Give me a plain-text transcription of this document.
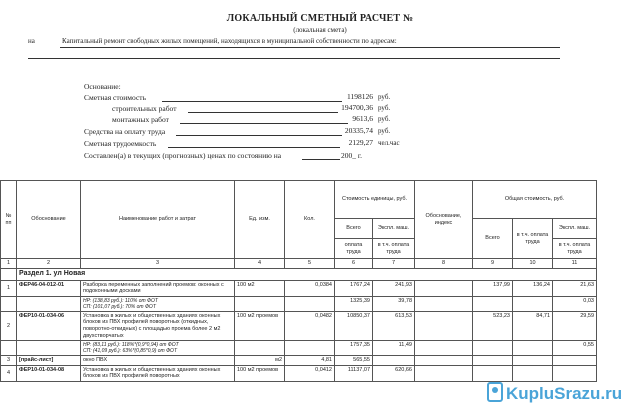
ЛОКАЛЬНЫЙ СМЕТНЫЙ РАСЧЕТ №
(локальная смета)
на	Капитальный ремонт свободных жилых помещений, находящихся в муниципальной собственности по адресам:
Основание:
Сметная стоимость	1198126 руб.
строительных работ	194700,36 руб.
монтажных работ	9613,6 руб.
Средства на оплату труда	20335,74 руб.
Сметная трудоемкость	2129,27 чел.час
Составлен(а) в текущих (прогнозных) ценах по состоянию на	200_ г.
№ пп	Обоснование	Наименование работ и затрат	Ед. изм.	Кол.	Стоимость единицы, руб.		Обоснование, индекс	Общая стоимость, руб.		
					Всего	Экспл. маш.		Всего	в т.ч. оплата труда	Экспл. маш.
					оплата труда	в т.ч. оплата труда				в т.ч. оплата труда
1	2	3	4	5	6	7	8	9	10	11
	Раздел 1. ул Новая									
1	ФЕР46-04-012-01	Разборка переменных заполнений проемов: оконных с подоконными досками	100 м2	0,0384	1767,24	241,93		137,99	136,24	21,63

		НР: (138,83 руб.): 110% от ФОТ
СП: (101,07 руб.): 70% от ФОТ			1325,39	39,78				0,03
2	ФЕР10-01-034-06	Установка в жилых и общественных зданиях оконных блоков из ПВХ профилей поворотных (откидных, поворотно-откидных) с площадью проема более 2 м2 двухстворчатых	100 м2 проемов	0,0482	10850,37	613,53		523,23	84,71	29,59

		НР: (83,11 руб.): 118%*(0,9*0,94) от ФОТ
СП: (41,09 руб.): 63%*(0,85*0,9) от ФОТ			1757,35	11,49				0,55
3	[прайс-лист]	окно ПВХ	м2	4,81	565,55					
4	ФЕР10-01-034-08	Установка в жилых и общественных зданиях оконных блоков из ПВХ профилей поворотных	100 м2 проемов	0,0412	11137,07	620,66				
KupluSrazu.ru
